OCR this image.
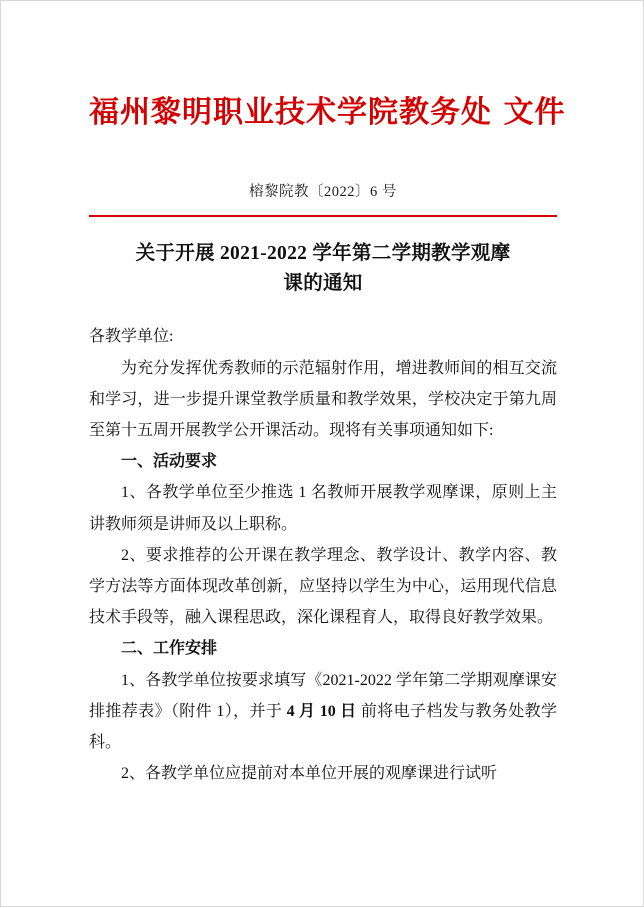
福州黎明职业技术学院教务处 文件
榕黎院教〔2022〕6 号
关于开展 2021-2022 学年第二学期教学观摩
课的通知
各教学单位:

为充分发挥优秀教师的示范辐射作用，增进教师间的相互交流和学习，进一步提升课堂教学质量和教学效果，学校决定于第九周至第十五周开展教学公开课活动。现将有关事项通知如下:

一、活动要求

1、各教学单位至少推选 1 名教师开展教学观摩课，原则上主讲教师须是讲师及以上职称。

2、要求推荐的公开课在教学理念、教学设计、教学内容、教学方法等方面体现改革创新，应坚持以学生为中心，运用现代信息技术手段等，融入课程思政，深化课程育人，取得良好教学效果。

二、工作安排

1、各教学单位按要求填写《2021-2022 学年第二学期观摩课安排推荐表》（附件 1），并于 4 月 10 日 前将电子档发与教务处教学科。

2、各教学单位应提前对本单位开展的观摩课进行试听
